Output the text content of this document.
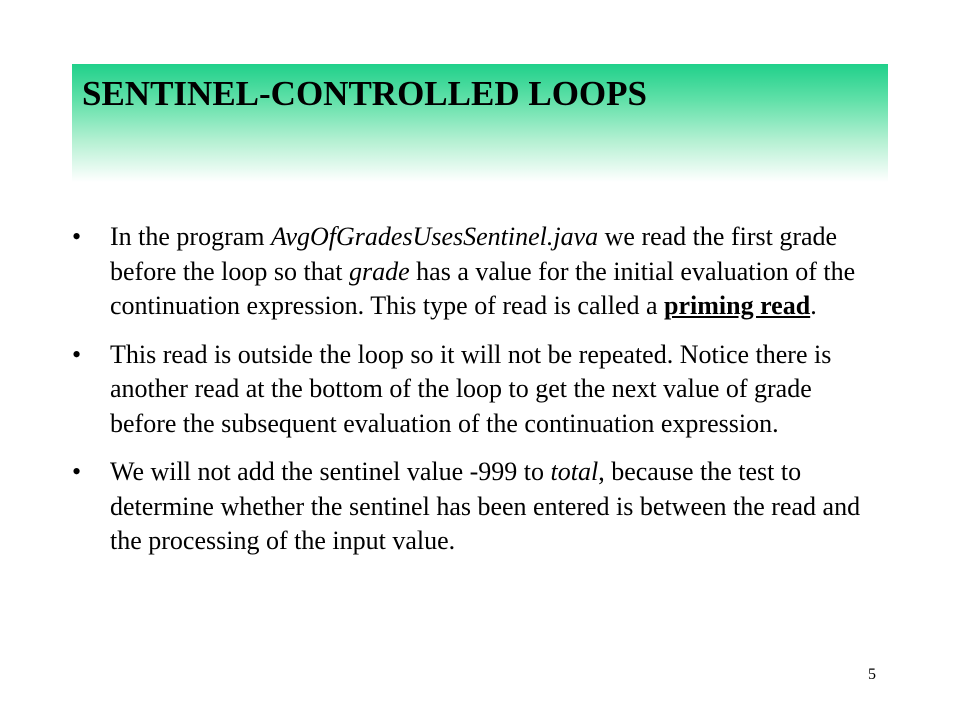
SENTINEL-CONTROLLED LOOPS
• In the program AvgOfGradesUsesSentinel.java we read the first grade before the loop so that grade has a value for the initial evaluation of the continuation expression. This type of read is called a priming read.
• This read is outside the loop so it will not be repeated. Notice there is another read at the bottom of the loop to get the next value of grade before the subsequent evaluation of the continuation expression.
• We will not add the sentinel value -999 to total, because the test to determine whether the sentinel has been entered is between the read and the processing of the input value.
5
